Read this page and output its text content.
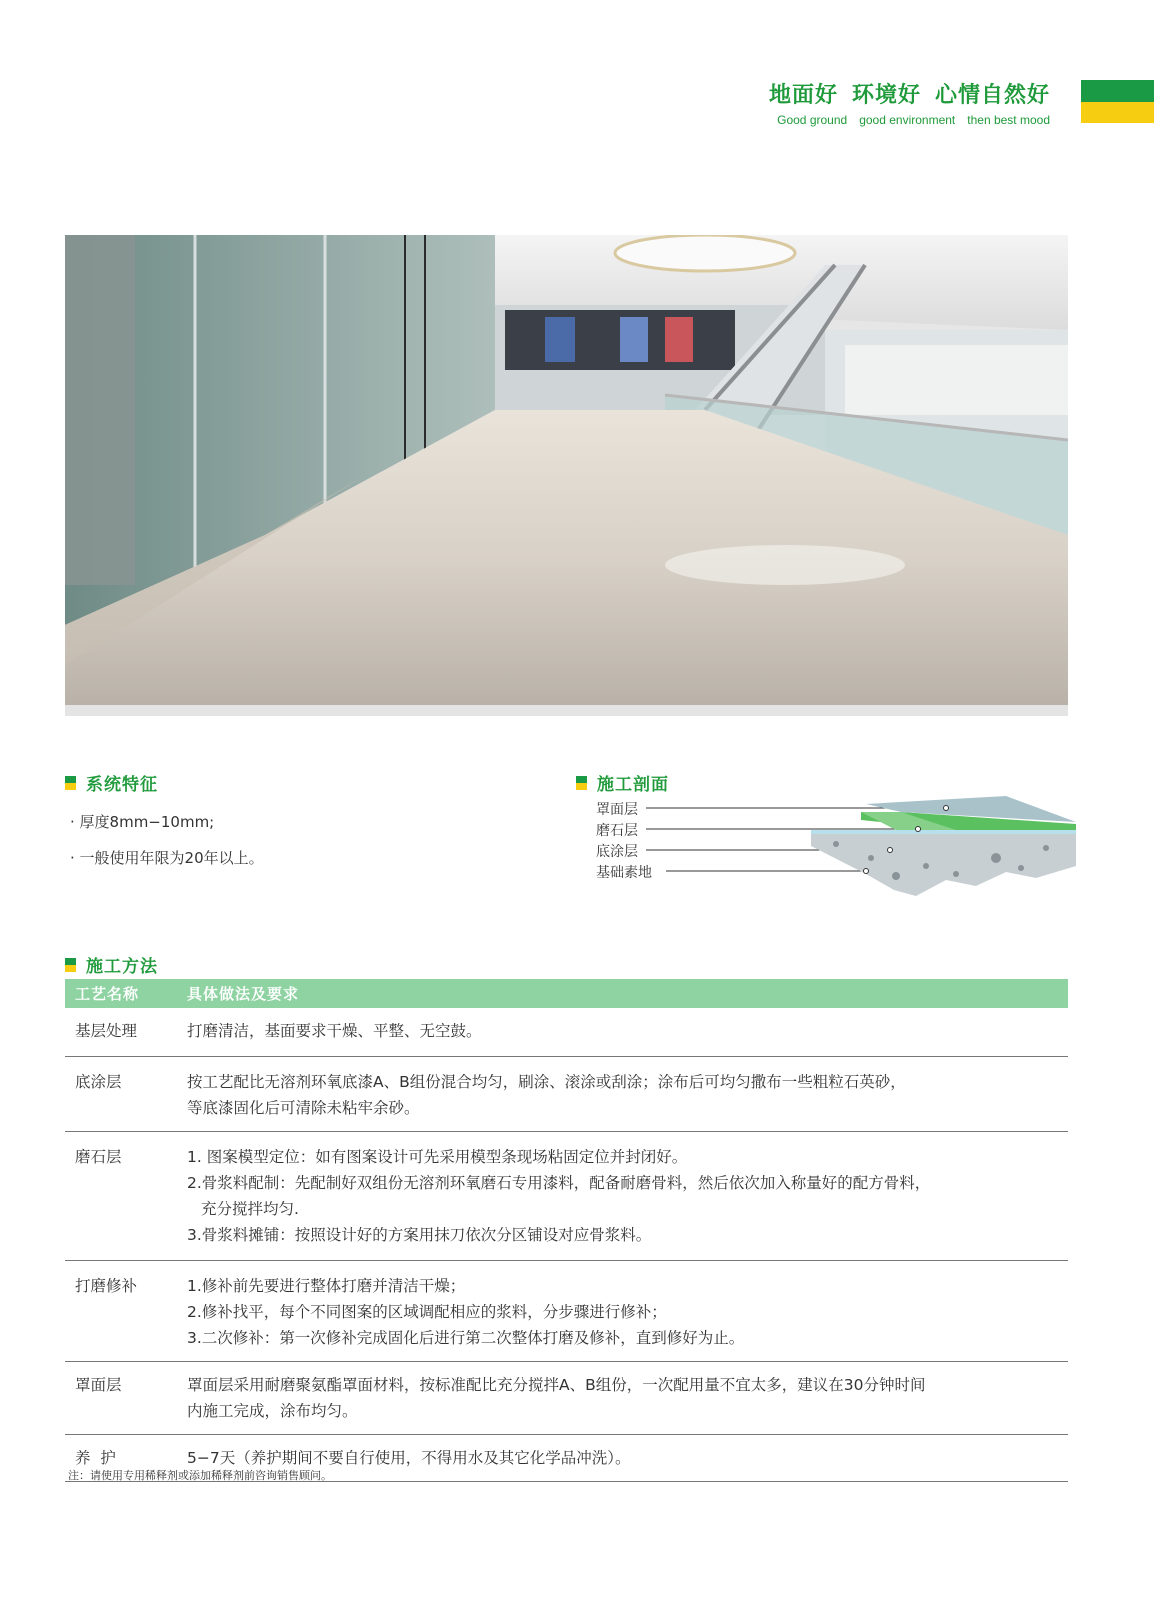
地面好 环境好 心情自然好
Good ground good environment then best mood
系统特征
· 厚度8mm−10mm;
· 一般使用年限为20年以上。
施工剖面
罩面层
磨石层
底涂层
基础素地
施工方法
工艺名称	具体做法及要求
基层处理	打磨清洁，基面要求干燥、平整、无空鼓。
底涂层	按工艺配比无溶剂环氧底漆A、B组份混合均匀，刷涂、滚涂或刮涂；涂布后可均匀撒布一些粗粒石英砂，
等底漆固化后可清除未粘牢余砂。
磨石层	1. 图案模型定位：如有图案设计可先采用模型条现场粘固定位并封闭好。
2.骨浆料配制：先配制好双组份无溶剂环氧磨石专用漆料，配备耐磨骨料，然后依次加入称量好的配方骨料，
充分搅拌均匀.
3.骨浆料摊铺：按照设计好的方案用抹刀依次分区铺设对应骨浆料。
打磨修补	1.修补前先要进行整体打磨并清洁干燥；
2.修补找平，每个不同图案的区域调配相应的浆料，分步骤进行修补；
3.二次修补：第一次修补完成固化后进行第二次整体打磨及修补，直到修好为止。
罩面层	罩面层采用耐磨聚氨酯罩面材料，按标准配比充分搅拌A、B组份，一次配用量不宜太多，建议在30分钟时间
内施工完成，涂布均匀。
养  护	5−7天（养护期间不要自行使用，不得用水及其它化学品冲洗）。
注：请使用专用稀释剂或添加稀释剂前咨询销售顾问。
